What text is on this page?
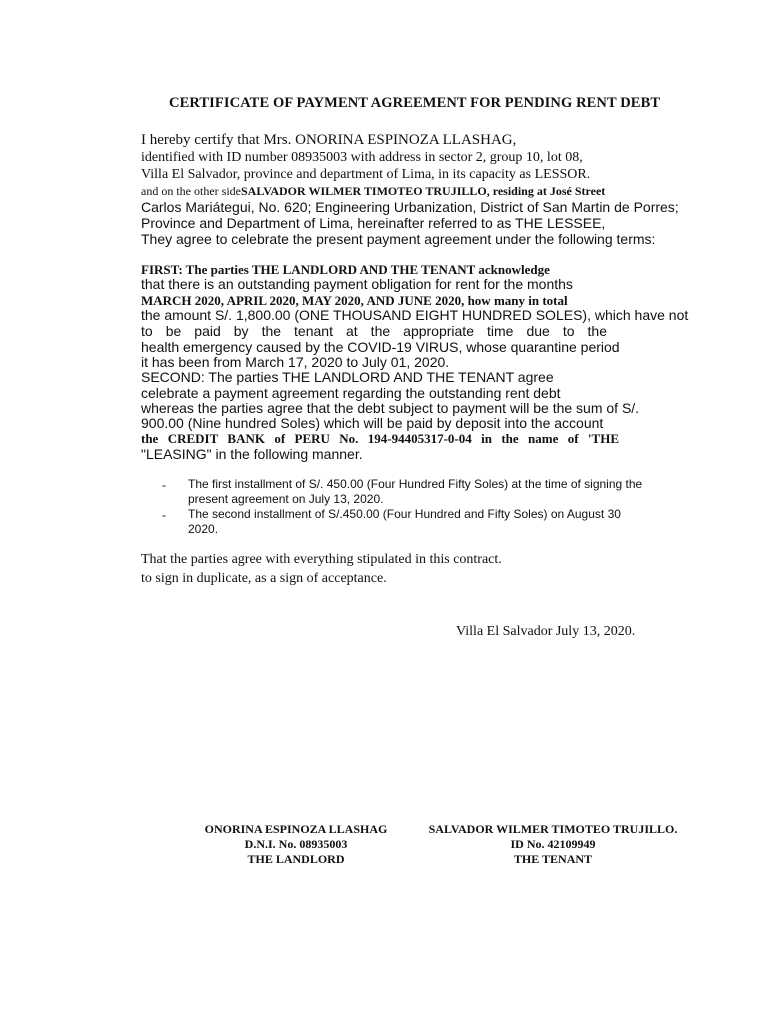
CERTIFICATE OF PAYMENT AGREEMENT FOR PENDING RENT DEBT
I hereby certify that Mrs. ONORINA ESPINOZA LLASHAG,
identified with ID number 08935003 with address in sector 2, group 10, lot 08,
Villa El Salvador, province and department of Lima, in its capacity as LESSOR.
and on the other sideSALVADOR WILMER TIMOTEO TRUJILLO, residing at José Street
Carlos Mariátegui, No. 620; Engineering Urbanization, District of San Martin de Porres;
Province and Department of Lima, hereinafter referred to as THE LESSEE,
They agree to celebrate the present payment agreement under the following terms:
FIRST: The parties THE LANDLORD AND THE TENANT acknowledge
that there is an outstanding payment obligation for rent for the months
MARCH 2020, APRIL 2020, MAY 2020, AND JUNE 2020, how many in total
the amount S/. 1,800.00 (ONE THOUSAND EIGHT HUNDRED SOLES), which have not
to be paid by the tenant at the appropriate time due to the
health emergency caused by the COVID-19 VIRUS, whose quarantine period
it has been from March 17, 2020 to July 01, 2020.
SECOND: The parties THE LANDLORD AND THE TENANT agree
celebrate a payment agreement regarding the outstanding rent debt
whereas the parties agree that the debt subject to payment will be the sum of S/.
900.00 (Nine hundred Soles) which will be paid by deposit into the account
the CREDIT BANK of PERU No. 194-94405317-0-04 in the name of 'THE
"LEASING" in the following manner.
- The first installment of S/. 450.00 (Four Hundred Fifty Soles) at the time of signing the
present agreement on July 13, 2020.
- The second installment of S/.450.00 (Four Hundred and Fifty Soles) on August 30
2020.
That the parties agree with everything stipulated in this contract.
to sign in duplicate, as a sign of acceptance.
Villa El Salvador July 13, 2020.
ONORINA ESPINOZA LLASHAG
D.N.I. No. 08935003
THE LANDLORD
SALVADOR WILMER TIMOTEO TRUJILLO.
ID No. 42109949
THE TENANT
